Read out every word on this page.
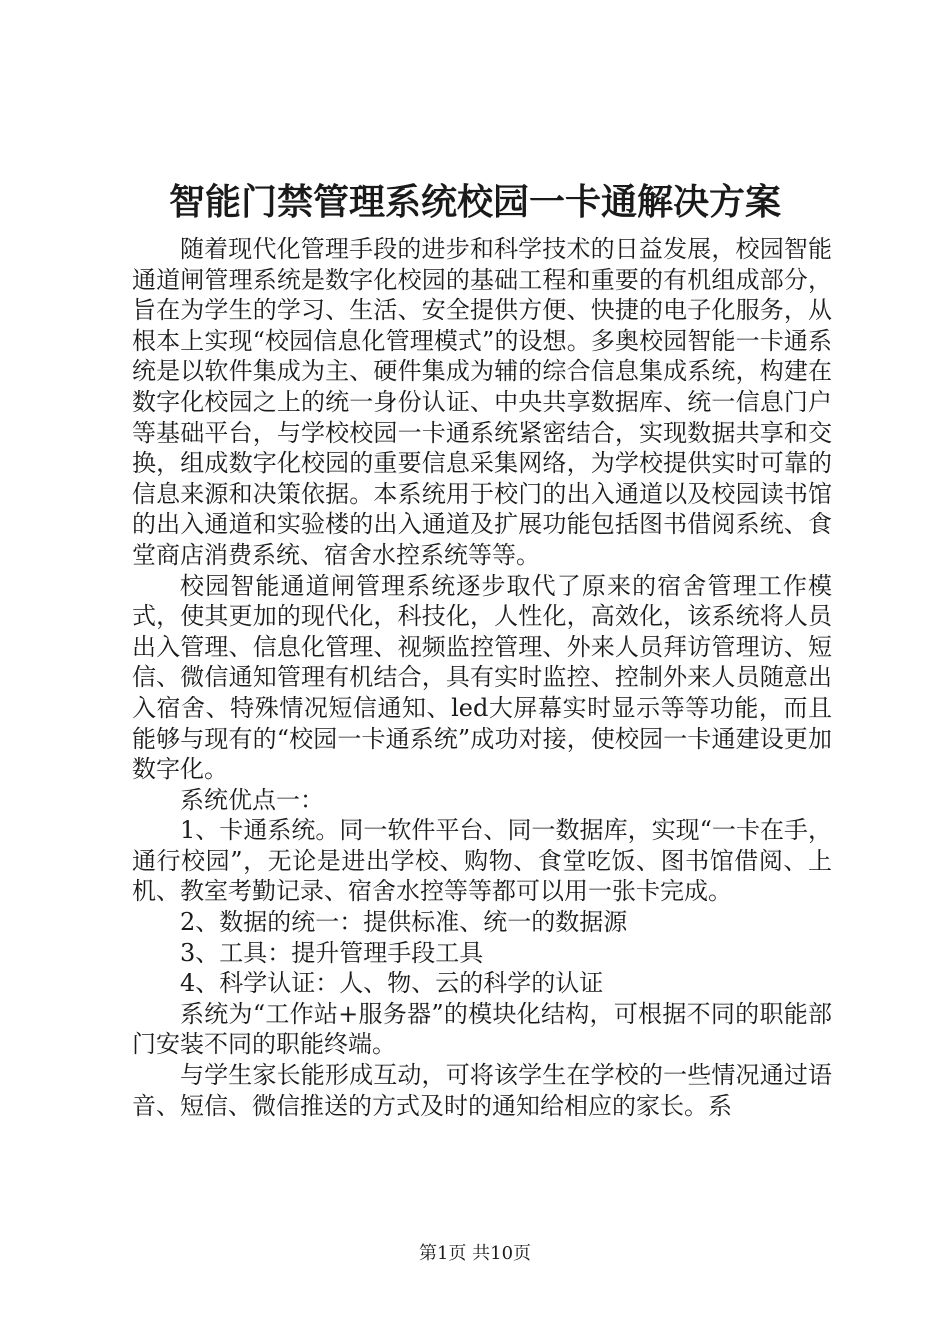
智能门禁管理系统校园一卡通解决方案

随着现代化管理手段的进步和科学技术的日益发展，校园智能通道闸管理系统是数字化校园的基础工程和重要的有机组成部分，旨在为学生的学习、生活、安全提供方便、快捷的电子化服务，从根本上实现“校园信息化管理模式”的设想。多奥校园智能一卡通系统是以软件集成为主、硬件集成为辅的综合信息集成系统，构建在数字化校园之上的统一身份认证、中央共享数据库、统一信息门户等基础平台，与学校校园一卡通系统紧密结合，实现数据共享和交换，组成数字化校园的重要信息采集网络，为学校提供实时可靠的信息来源和决策依据。本系统用于校门的出入通道以及校园读书馆的出入通道和实验楼的出入通道及扩展功能包括图书借阅系统、食堂商店消费系统、宿舍水控系统等等。

校园智能通道闸管理系统逐步取代了原来的宿舍管理工作模式，使其更加的现代化，科技化，人性化，高效化，该系统将人员出入管理、信息化管理、视频监控管理、外来人员拜访管理访、短信、微信通知管理有机结合，具有实时监控、控制外来人员随意出入宿舍、特殊情况短信通知、led大屏幕实时显示等等功能，而且能够与现有的“校园一卡通系统”成功对接，使校园一卡通建设更加数字化。

系统优点一：

1、卡通系统。同一软件平台、同一数据库，实现“一卡在手，通行校园”，无论是进出学校、购物、食堂吃饭、图书馆借阅、上机、教室考勤记录、宿舍水控等等都可以用一张卡完成。

2、数据的统一：提供标准、统一的数据源

3、工具：提升管理手段工具

4、科学认证：人、物、云的科学的认证

系统为“工作站+服务器”的模块化结构，可根据不同的职能部门安装不同的职能终端。

与学生家长能形成互动，可将该学生在学校的一些情况通过语音、短信、微信推送的方式及时的通知给相应的家长。系

第1页 共10页
